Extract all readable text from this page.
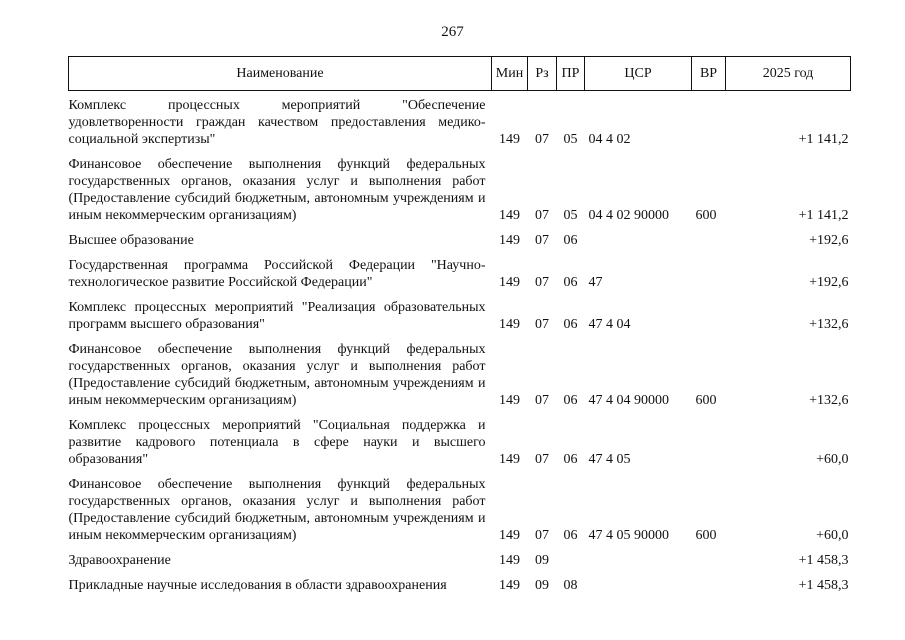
267
Наименование	Мин	Рз	ПР	ЦСР	ВР	2025 год
Комплекс процессных мероприятий "Обеспечение удовлетворенности граждан качеством предоставления медико-социальной экспертизы"	149	07	05	04 4 02		+1 141,2
Финансовое обеспечение выполнения функций федеральных государственных органов, оказания услуг и выполнения работ (Предоставление субсидий бюджетным, автономным учреждениям и иным некоммерческим организациям)	149	07	05	04 4 02 90000	600	+1 141,2
Высшее образование	149	07	06			+192,6
Государственная программа Российской Федерации "Научно-технологическое развитие Российской Федерации"	149	07	06	47		+192,6
Комплекс процессных мероприятий "Реализация образовательных программ высшего образования"	149	07	06	47 4 04		+132,6
Финансовое обеспечение выполнения функций федеральных государственных органов, оказания услуг и выполнения работ (Предоставление субсидий бюджетным, автономным учреждениям и иным некоммерческим организациям)	149	07	06	47 4 04 90000	600	+132,6
Комплекс процессных мероприятий "Социальная поддержка и развитие кадрового потенциала в сфере науки и высшего образования"	149	07	06	47 4 05		+60,0
Финансовое обеспечение выполнения функций федеральных государственных органов, оказания услуг и выполнения работ (Предоставление субсидий бюджетным, автономным учреждениям и иным некоммерческим организациям)	149	07	06	47 4 05 90000	600	+60,0
Здравоохранение	149	09				+1 458,3
Прикладные научные исследования в области здравоохранения	149	09	08			+1 458,3
